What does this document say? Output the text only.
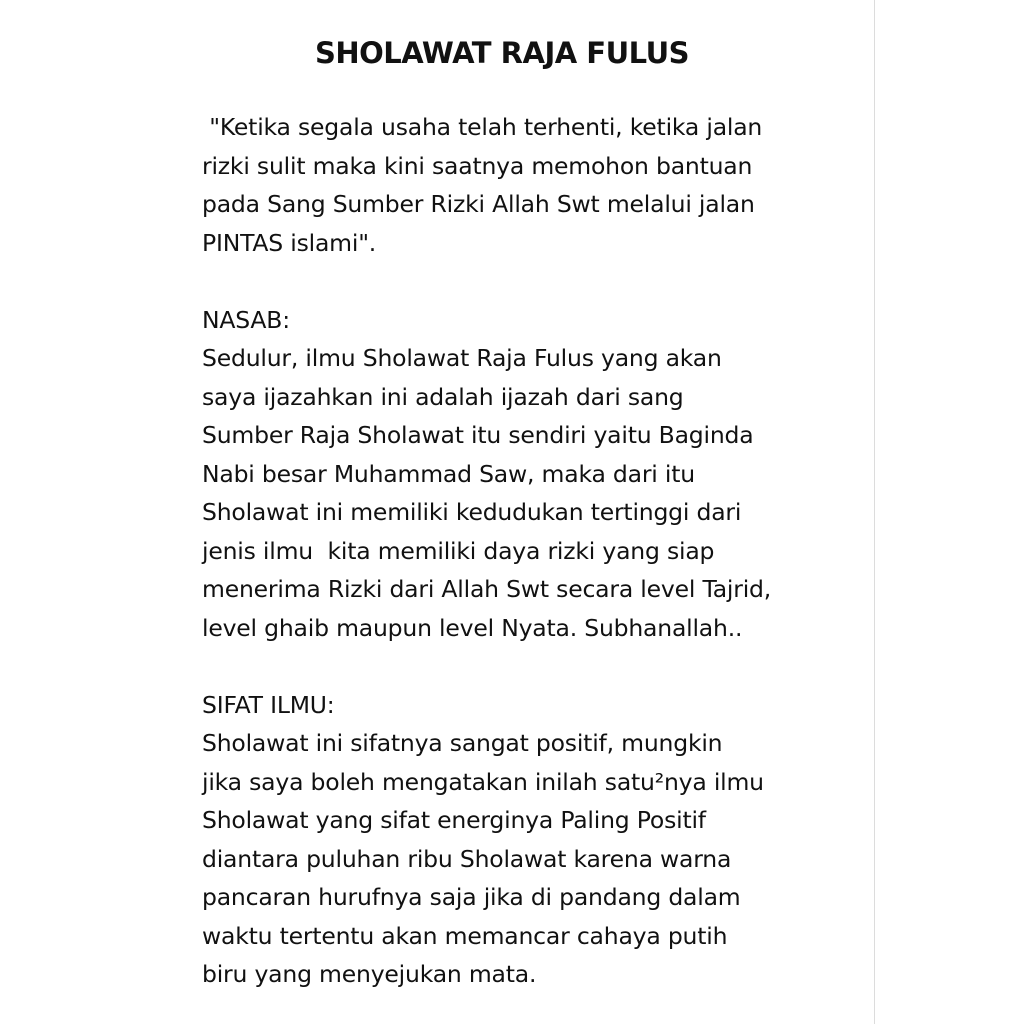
SHOLAWAT RAJA FULUS
"Ketika segala usaha telah terhenti, ketika jalan
rizki sulit maka kini saatnya memohon bantuan
pada Sang Sumber Rizki Allah Swt melalui jalan
PINTAS islami".
NASAB:
Sedulur, ilmu Sholawat Raja Fulus yang akan
saya ijazahkan ini adalah ijazah dari sang
Sumber Raja Sholawat itu sendiri yaitu Baginda
Nabi besar Muhammad Saw, maka dari itu
Sholawat ini memiliki kedudukan tertinggi dari
jenis ilmu  kita memiliki daya rizki yang siap
menerima Rizki dari Allah Swt secara level Tajrid,
level ghaib maupun level Nyata. Subhanallah..
SIFAT ILMU:
Sholawat ini sifatnya sangat positif, mungkin
jika saya boleh mengatakan inilah satu²nya ilmu
Sholawat yang sifat energinya Paling Positif
diantara puluhan ribu Sholawat karena warna
pancaran hurufnya saja jika di pandang dalam
waktu tertentu akan memancar cahaya putih
biru yang menyejukan mata.
